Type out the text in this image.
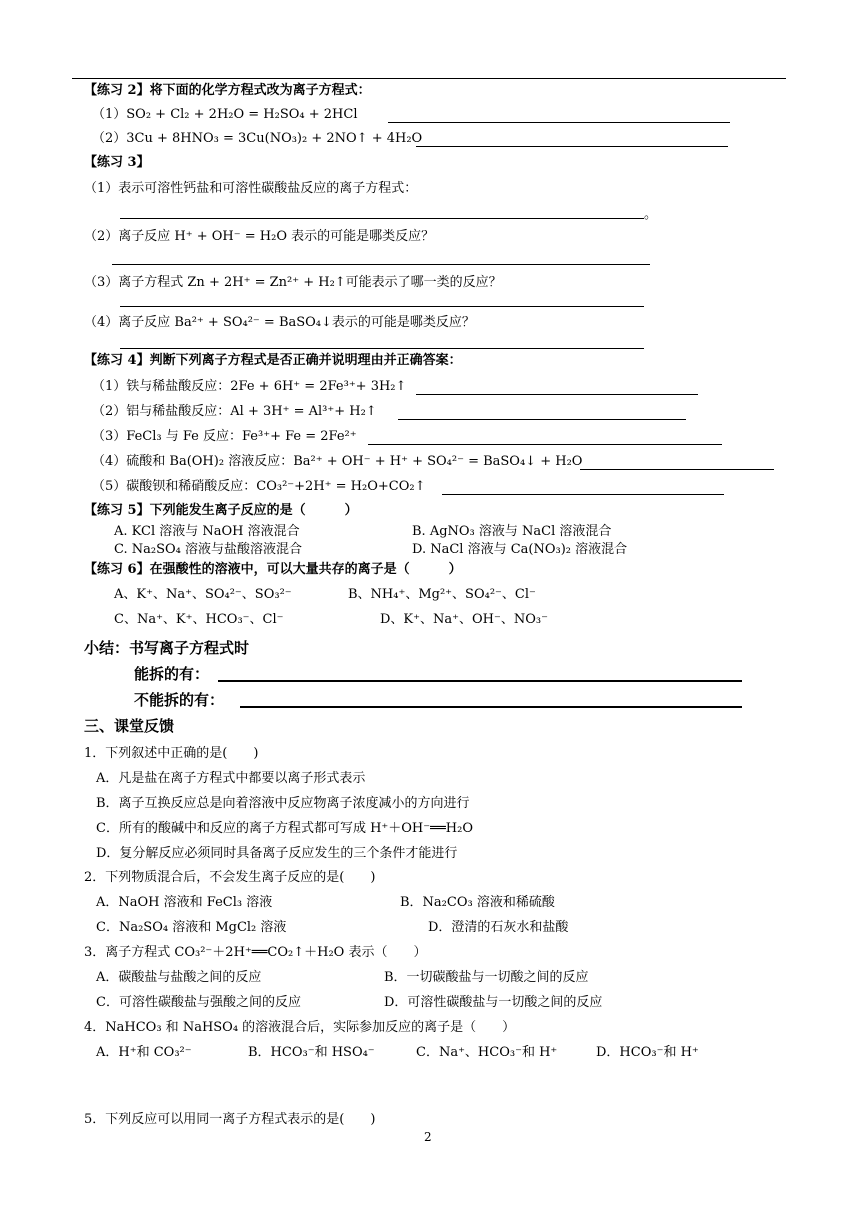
【练习 2】将下面的化学方程式改为离子方程式：
（1）SO₂ + Cl₂ + 2H₂O = H₂SO₄ + 2HCl
（2）3Cu + 8HNO₃ = 3Cu(NO₃)₂ + 2NO↑ + 4H₂O
【练习 3】
（1）表示可溶性钙盐和可溶性碳酸盐反应的离子方程式：
。
（2）离子反应 H⁺ + OH⁻ = H₂O 表示的可能是哪类反应？
（3）离子方程式 Zn + 2H⁺ = Zn²⁺ + H₂↑可能表示了哪一类的反应？
（4）离子反应 Ba²⁺ + SO₄²⁻ = BaSO₄↓表示的可能是哪类反应？
【练习 4】判断下列离子方程式是否正确并说明理由并正确答案：
（1）铁与稀盐酸反应：2Fe + 6H⁺ = 2Fe³⁺+ 3H₂↑
（2）铝与稀盐酸反应：Al + 3H⁺ = Al³⁺+ H₂↑
（3）FeCl₃ 与 Fe 反应：Fe³⁺+ Fe = 2Fe²⁺
（4）硫酸和 Ba(OH)₂ 溶液反应：Ba²⁺ + OH⁻ + H⁺ + SO₄²⁻ = BaSO₄↓ + H₂O
（5）碳酸钡和稀硝酸反应：CO₃²⁻+2H⁺ = H₂O+CO₂↑
【练习 5】下列能发生离子反应的是（　　　）
A. KCl 溶液与 NaOH 溶液混合	B. AgNO₃ 溶液与 NaCl 溶液混合
C. Na₂SO₄ 溶液与盐酸溶液混合	D. NaCl 溶液与 Ca(NO₃)₂ 溶液混合
【练习 6】在强酸性的溶液中，可以大量共存的离子是（　　　）
A、K⁺、Na⁺、SO₄²⁻、SO₃²⁻	B、NH₄⁺、Mg²⁺、SO₄²⁻、Cl⁻
C、Na⁺、K⁺、HCO₃⁻、Cl⁻	D、K⁺、Na⁺、OH⁻、NO₃⁻
小结：书写离子方程式时
能拆的有：
不能拆的有：
三、课堂反馈
1．下列叙述中正确的是(　　)
A．凡是盐在离子方程式中都要以离子形式表示
B．离子互换反应总是向着溶液中反应物离子浓度减小的方向进行
C．所有的酸碱中和反应的离子方程式都可写成 H⁺＋OH⁻══H₂O
D．复分解反应必须同时具备离子反应发生的三个条件才能进行
2．下列物质混合后，不会发生离子反应的是(　　)
A．NaOH 溶液和 FeCl₃ 溶液	B．Na₂CO₃ 溶液和稀硫酸
C．Na₂SO₄ 溶液和 MgCl₂ 溶液	D．澄清的石灰水和盐酸
3．离子方程式 CO₃²⁻＋2H⁺══CO₂↑＋H₂O 表示（　　）
A．碳酸盐与盐酸之间的反应	B．一切碳酸盐与一切酸之间的反应
C．可溶性碳酸盐与强酸之间的反应	D．可溶性碳酸盐与一切酸之间的反应
4．NaHCO₃ 和 NaHSO₄ 的溶液混合后，实际参加反应的离子是（　　）
A．H⁺和 CO₃²⁻	B．HCO₃⁻和 HSO₄⁻	C．Na⁺、HCO₃⁻和 H⁺	D．HCO₃⁻和 H⁺
5．下列反应可以用同一离子方程式表示的是(　　)
2
